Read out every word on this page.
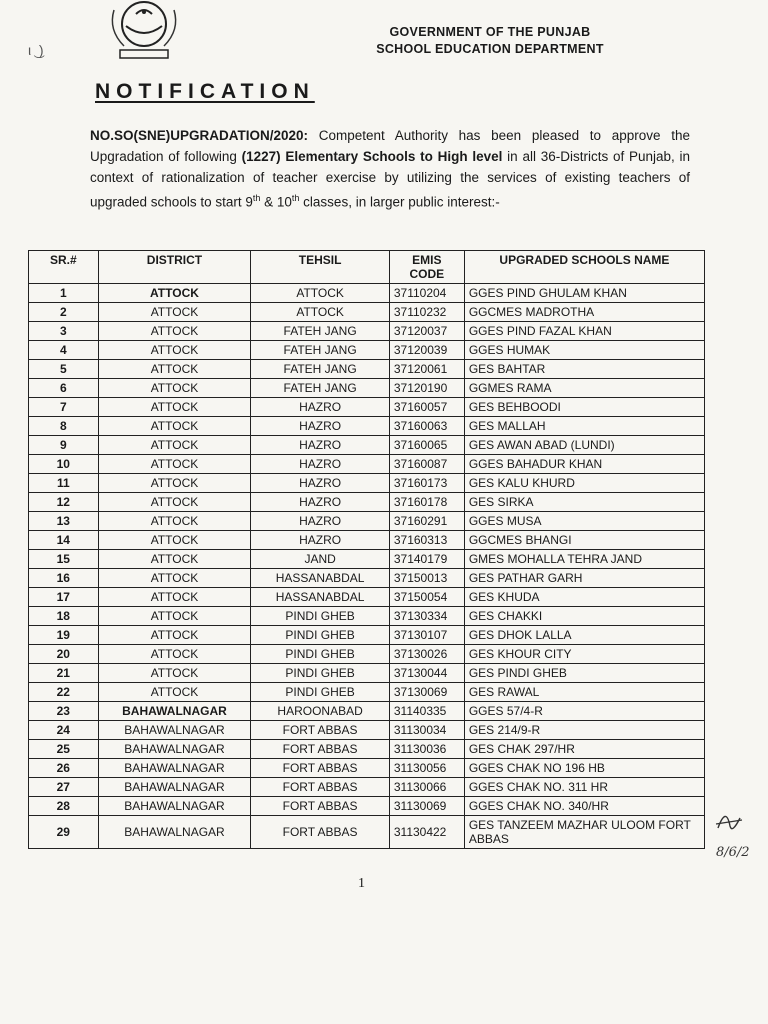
ι ͜ )
GOVERNMENT OF THE PUNJAB
SCHOOL EDUCATION DEPARTMENT
NOTIFICATION
NO.SO(SNE)UPGRADATION/2020: Competent Authority has been pleased to approve the Upgradation of following (1227) Elementary Schools to High level in all 36-Districts of Punjab, in context of rationalization of teacher exercise by utilizing the services of existing teachers of upgraded schools to start 9th & 10th classes, in larger public interest:-
SR.#	DISTRICT	TEHSIL	EMIS CODE	UPGRADED SCHOOLS NAME
1	ATTOCK	ATTOCK	37110204	GGES PIND GHULAM KHAN
2	ATTOCK	ATTOCK	37110232	GGCMES MADROTHA
3	ATTOCK	FATEH JANG	37120037	GGES PIND FAZAL KHAN
4	ATTOCK	FATEH JANG	37120039	GGES HUMAK
5	ATTOCK	FATEH JANG	37120061	GES BAHTAR
6	ATTOCK	FATEH JANG	37120190	GGMES RAMA
7	ATTOCK	HAZRO	37160057	GES BEHBOODI
8	ATTOCK	HAZRO	37160063	GES MALLAH
9	ATTOCK	HAZRO	37160065	GES AWAN ABAD (LUNDI)
10	ATTOCK	HAZRO	37160087	GGES BAHADUR KHAN
11	ATTOCK	HAZRO	37160173	GES KALU KHURD
12	ATTOCK	HAZRO	37160178	GES SIRKA
13	ATTOCK	HAZRO	37160291	GGES MUSA
14	ATTOCK	HAZRO	37160313	GGCMES BHANGI
15	ATTOCK	JAND	37140179	GMES MOHALLA TEHRA JAND
16	ATTOCK	HASSANABDAL	37150013	GES PATHAR GARH
17	ATTOCK	HASSANABDAL	37150054	GES KHUDA
18	ATTOCK	PINDI GHEB	37130334	GES CHAKKI
19	ATTOCK	PINDI GHEB	37130107	GES DHOK LALLA
20	ATTOCK	PINDI GHEB	37130026	GES KHOUR CITY
21	ATTOCK	PINDI GHEB	37130044	GES PINDI GHEB
22	ATTOCK	PINDI GHEB	37130069	GES RAWAL
23	BAHAWALNAGAR	HAROONABAD	31140335	GGES 57/4-R
24	BAHAWALNAGAR	FORT ABBAS	31130034	GES 214/9-R
25	BAHAWALNAGAR	FORT ABBAS	31130036	GES CHAK 297/HR
26	BAHAWALNAGAR	FORT ABBAS	31130056	GGES CHAK NO 196 HB
27	BAHAWALNAGAR	FORT ABBAS	31130066	GGES CHAK NO. 311 HR
28	BAHAWALNAGAR	FORT ABBAS	31130069	GGES CHAK NO. 340/HR
29	BAHAWALNAGAR	FORT ABBAS	31130422	GES TANZEEM MAZHAR ULOOM FORT ABBAS
1
8/6/2
